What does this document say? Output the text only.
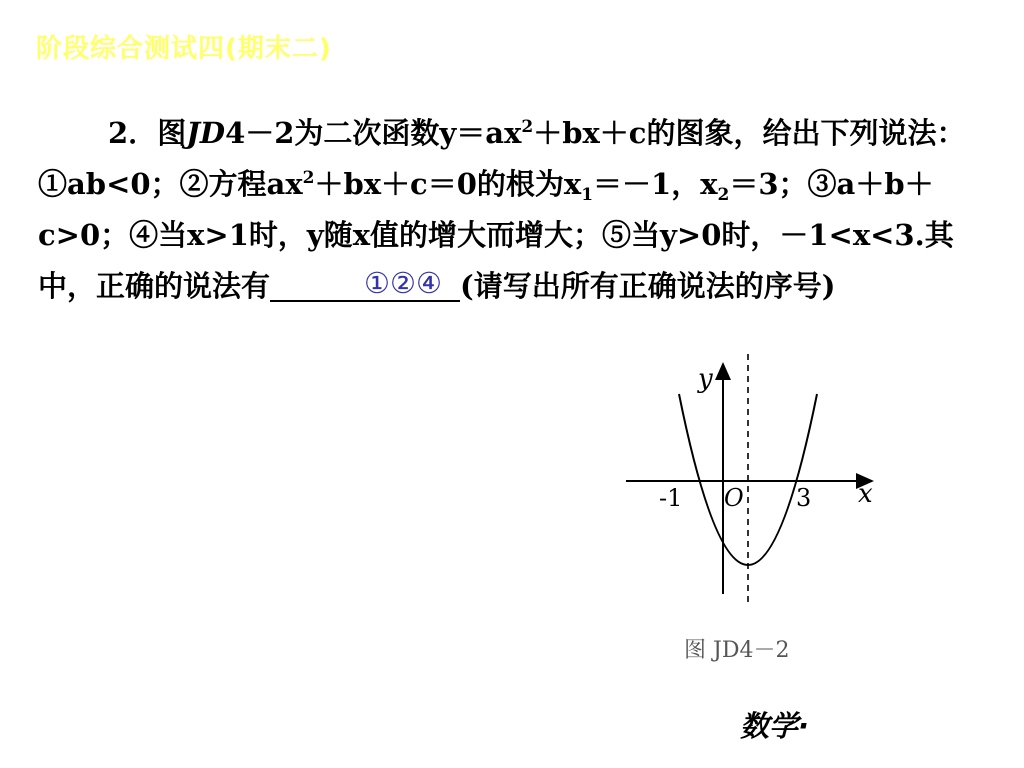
阶段综合测试四(期末二)
2．图JD4－2为二次函数$y=ax^2+bx+c$的图象，给出下列说法：①ab<0；②方程$ax^2+bx+c=0$的根为$x_1=-1$，$x_2=3$；③a＋b＋c>0；④当x>1时，y随x值的增大而增大；⑤当y>0时，－1<x<3.其中，正确的说法有	①②④ (请写出所有正确说法的序号)
y
x
O
-1	3
图 JD4－2
数学·
